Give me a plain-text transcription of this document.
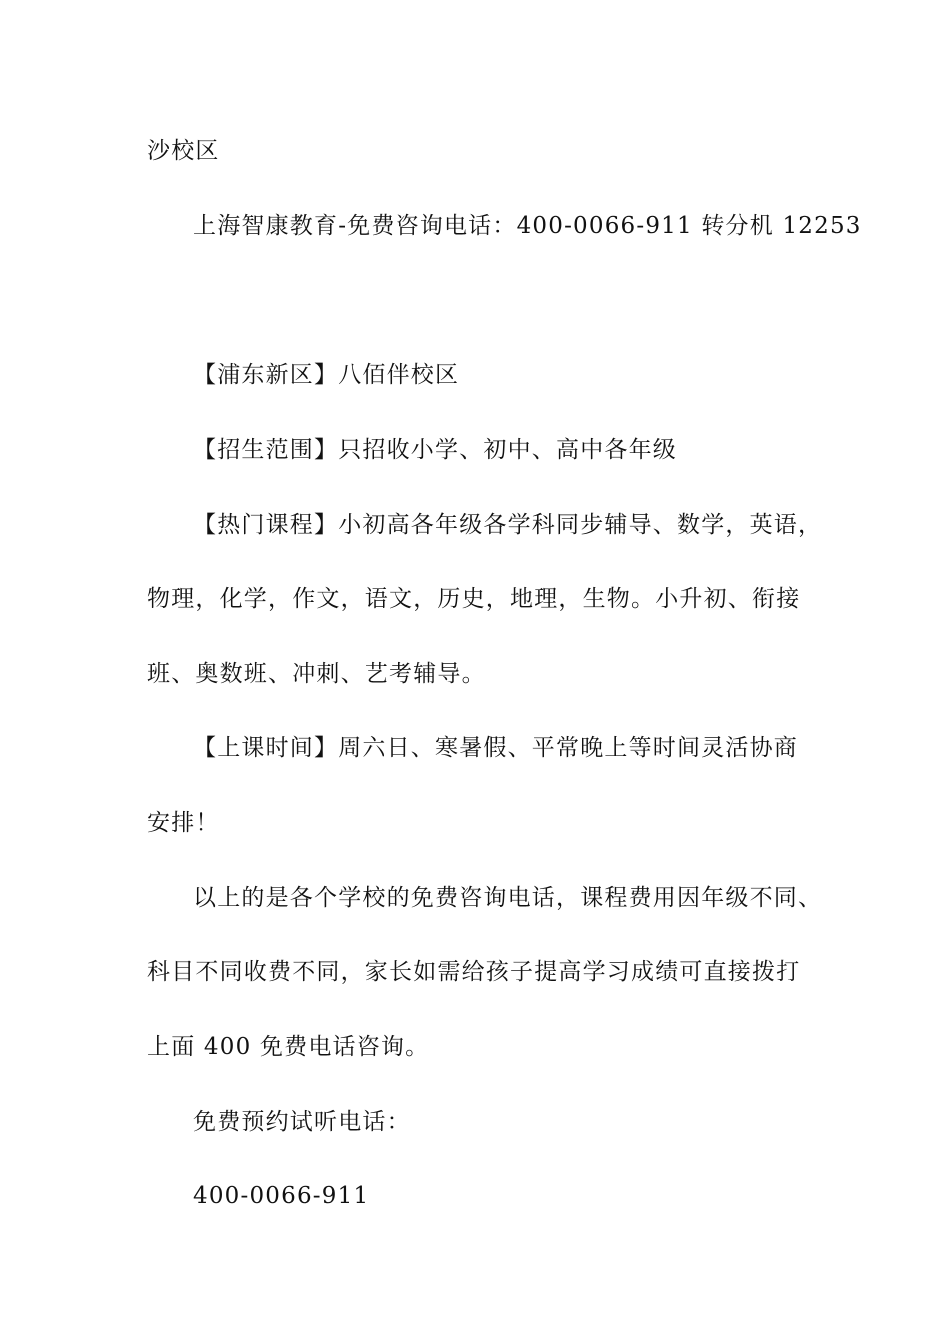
沙校区
上海智康教育-免费咨询电话：400-0066-911 转分机 12253
【浦东新区】八佰伴校区
【招生范围】只招收小学、初中、高中各年级
【热门课程】小初高各年级各学科同步辅导、数学，英语，
物理，化学，作文，语文，历史，地理，生物。小升初、衔接
班、奥数班、冲刺、艺考辅导。
【上课时间】周六日、寒暑假、平常晚上等时间灵活协商
安排！
以上的是各个学校的免费咨询电话，课程费用因年级不同、
科目不同收费不同，家长如需给孩子提高学习成绩可直接拨打
上面 400 免费电话咨询。
免费预约试听电话：
400-0066-911
